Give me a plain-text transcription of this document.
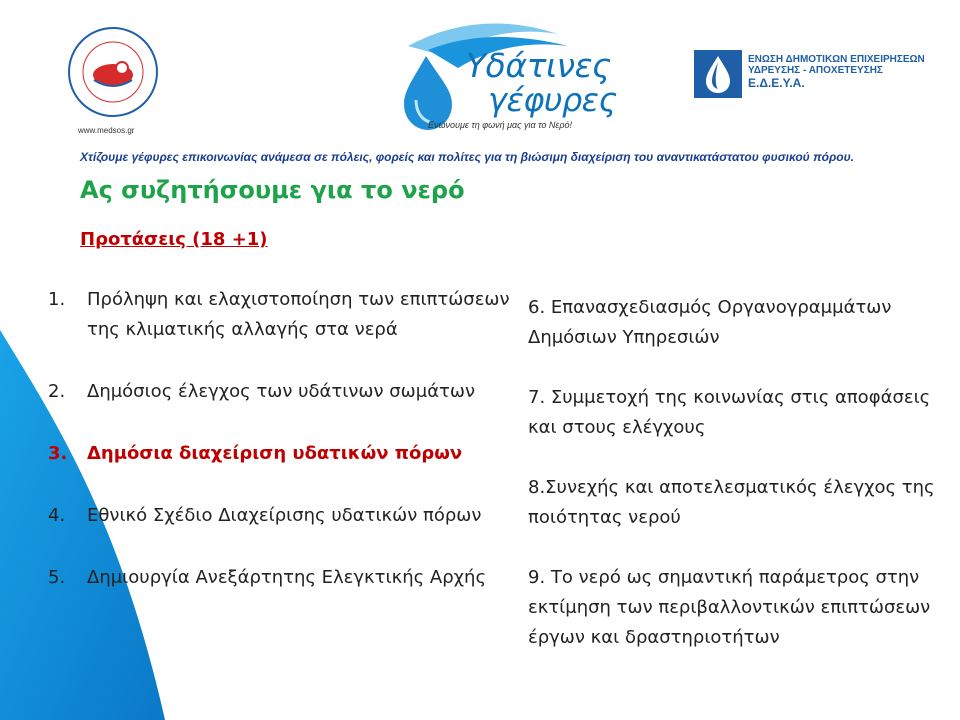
www.medsos.gr
Υδάτινες
γέφυρες
Ενώνουμε τη φωνή μας για το Νερό!
ΕΝΩΣΗ ΔΗΜΟΤΙΚΩΝ ΕΠΙΧΕΙΡΗΣΕΩΝ
ΥΔΡΕΥΣΗΣ - ΑΠΟΧΕΤΕΥΣΗΣ
Ε.Δ.Ε.Υ.Α.
Χτίζουμε γέφυρες επικοινωνίας ανάμεσα σε πόλεις, φορείς και πολίτες για τη βιώσιμη διαχείριση του αναντικατάστατου φυσικού πόρου.
Ας συζητήσουμε για το νερό
Προτάσεις (18 +1)
1. Πρόληψη και ελαχιστοποίηση των επιπτώσεων της κλιματικής αλλαγής στα νερά
2. Δημόσιος έλεγχος των υδάτινων σωμάτων
3. Δημόσια διαχείριση υδατικών πόρων
4. Εθνικό Σχέδιο Διαχείρισης υδατικών πόρων
5. Δημιουργία Ανεξάρτητης Ελεγκτικής Αρχής
6. Επανασχεδιασμός Οργανογραμμάτων Δημόσιων Υπηρεσιών
7. Συμμετοχή της κοινωνίας στις αποφάσεις και στους ελέγχους
8.Συνεχής και αποτελεσματικός έλεγχος της ποιότητας νερού
9. Το νερό ως σημαντική παράμετρος στην εκτίμηση των περιβαλλοντικών επιπτώσεων έργων και δραστηριοτήτων
